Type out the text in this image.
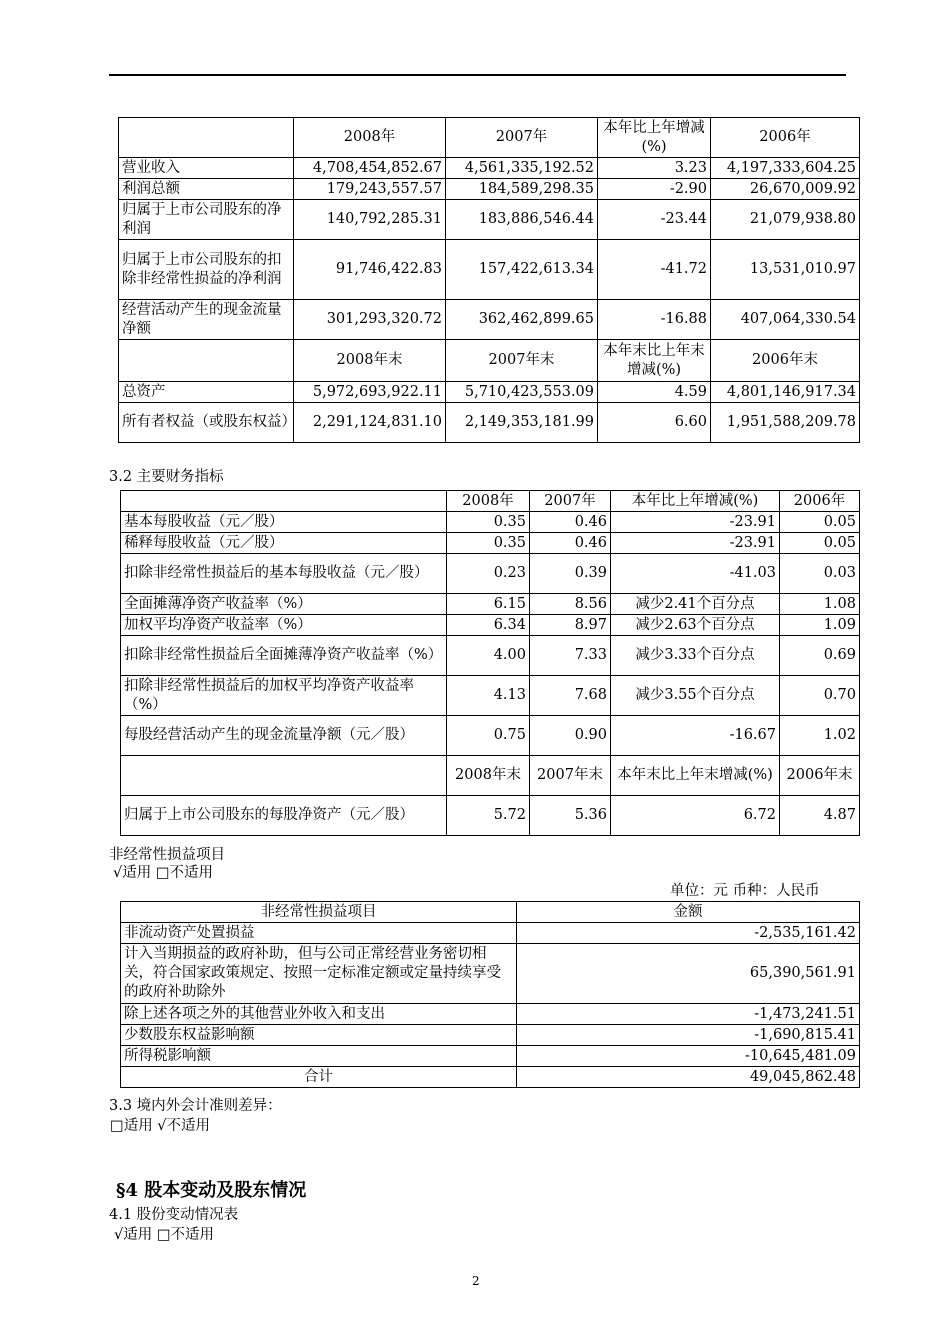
	2008年	2007年	本年比上年增减(%)	2006年
营业收入	4,708,454,852.67	4,561,335,192.52	3.23	4,197,333,604.25
利润总额	179,243,557.57	184,589,298.35	-2.90	26,670,009.92
归属于上市公司股东的净利润	140,792,285.31	183,886,546.44	-23.44	21,079,938.80
归属于上市公司股东的扣除非经常性损益的净利润	91,746,422.83	157,422,613.34	-41.72	13,531,010.97
经营活动产生的现金流量净额	301,293,320.72	362,462,899.65	-16.88	407,064,330.54
	2008年末	2007年末	本年末比上年末增减(%)	2006年末
总资产	5,972,693,922.11	5,710,423,553.09	4.59	4,801,146,917.34
所有者权益（或股东权益）	2,291,124,831.10	2,149,353,181.99	6.60	1,951,588,209.78
3.2 主要财务指标
	2008年	2007年	本年比上年增减(%)	2006年
基本每股收益（元／股）	0.35	0.46	-23.91	0.05
稀释每股收益（元／股）	0.35	0.46	-23.91	0.05
扣除非经常性损益后的基本每股收益（元／股）	0.23	0.39	-41.03	0.03
全面摊薄净资产收益率（%）	6.15	8.56	减少2.41个百分点	1.08
加权平均净资产收益率（%）	6.34	8.97	减少2.63个百分点	1.09
扣除非经常性损益后全面摊薄净资产收益率（%）	4.00	7.33	减少3.33个百分点	0.69
扣除非经常性损益后的加权平均净资产收益率（%）	4.13	7.68	减少3.55个百分点	0.70
每股经营活动产生的现金流量净额（元／股）	0.75	0.90	-16.67	1.02
	2008年末	2007年末	本年末比上年末增减(%)	2006年末
归属于上市公司股东的每股净资产（元／股）	5.72	5.36	6.72	4.87
非经常性损益项目
√适用 □不适用
单位：元 币种：人民币
非经常性损益项目	金额
非流动资产处置损益	-2,535,161.42
计入当期损益的政府补助，但与公司正常经营业务密切相关，符合国家政策规定、按照一定标准定额或定量持续享受的政府补助除外	65,390,561.91
除上述各项之外的其他营业外收入和支出	-1,473,241.51
少数股东权益影响额	-1,690,815.41
所得税影响额	-10,645,481.09
合计	49,045,862.48
3.3 境内外会计准则差异：
□适用 √不适用
§4 股本变动及股东情况
4.1 股份变动情况表
√适用 □不适用
2
